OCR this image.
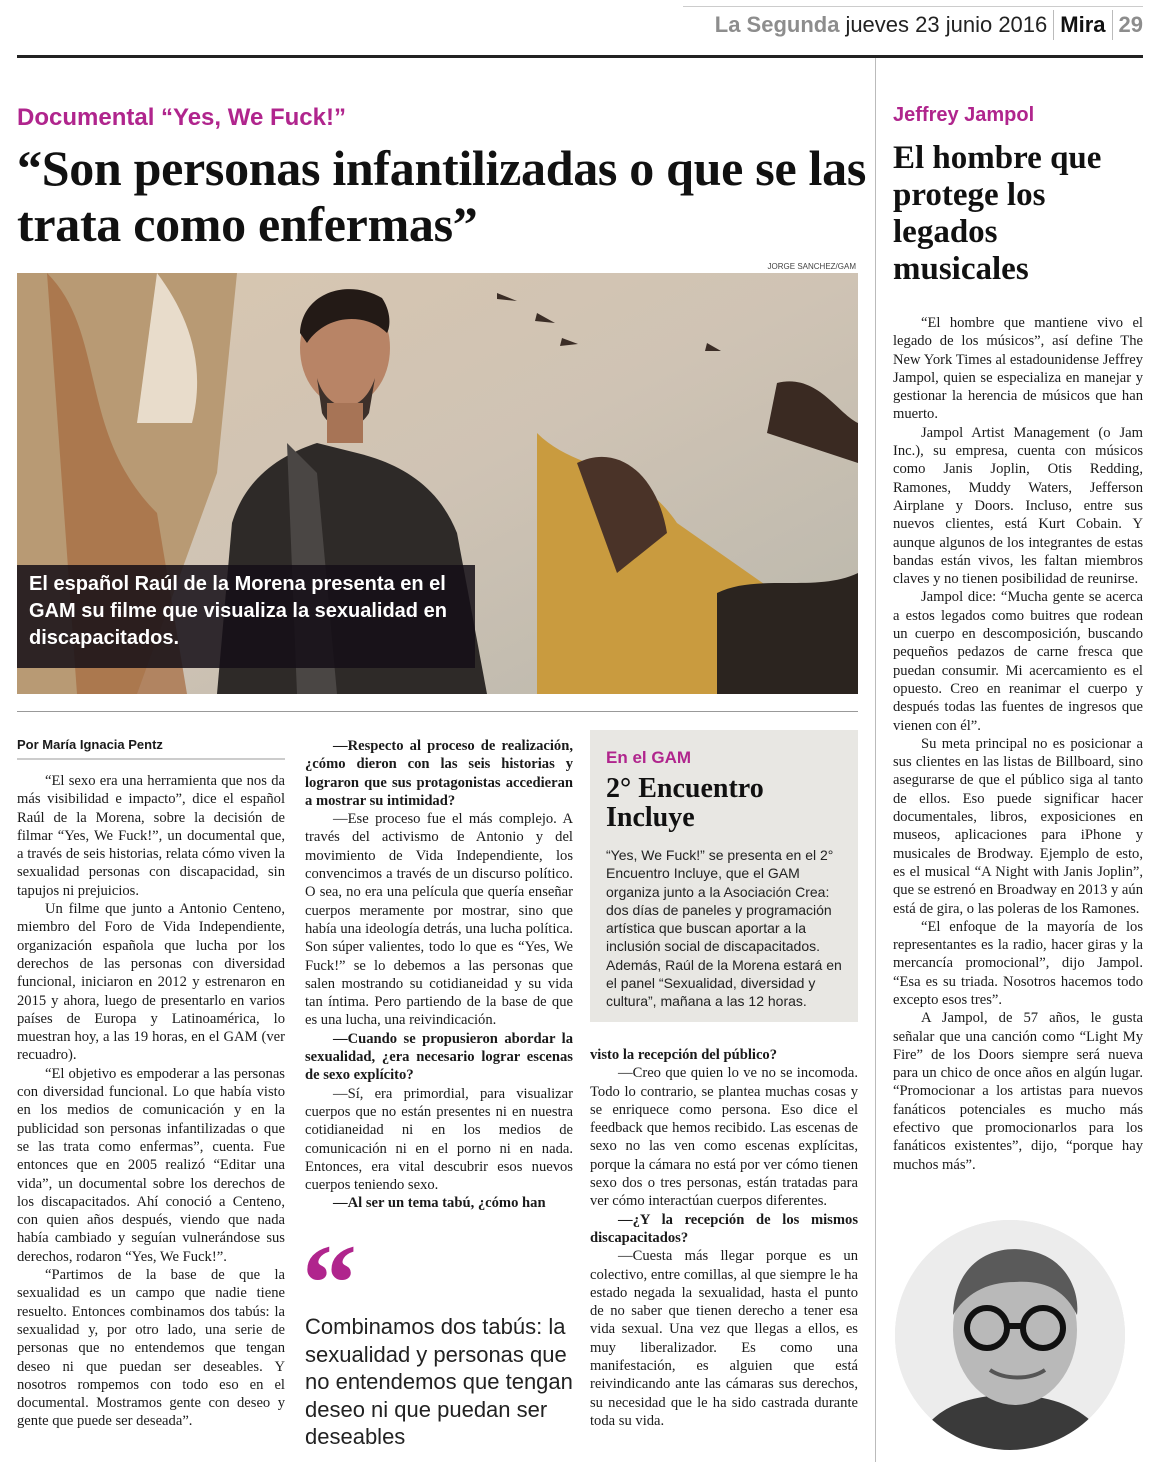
La Segunda jueves 23 junio 2016 Mira 29
Documental “Yes, We Fuck!”
“Son personas infantilizadas o que se las trata como enfermas”
JORGE SANCHEZ/GAM
El español Raúl de la Morena presenta en el GAM su filme que visualiza la sexualidad en discapacitados.
Por María Ignacia Pentz

“El sexo era una herramienta que nos da más visibilidad e impacto”, dice el español Raúl de la Morena, sobre la decisión de filmar “Yes, We Fuck!”, un documental que, a través de seis historias, relata cómo viven la sexualidad personas con discapacidad, sin tapujos ni prejuicios.

Un filme que junto a Antonio Centeno, miembro del Foro de Vida Independiente, organización española que lucha por los derechos de las personas con diversidad funcional, iniciaron en 2012 y estrenaron en 2015 y ahora, luego de presentarlo en varios países de Europa y Latinoamérica, lo muestran hoy, a las 19 horas, en el GAM (ver recuadro).

“El objetivo es empoderar a las personas con diversidad funcional. Lo que había visto en los medios de comunicación y en la publicidad son personas infantilizadas o que se las trata como enfermas”, cuenta. Fue entonces que en 2005 realizó “Editar una vida”, un documental sobre los derechos de los discapacitados. Ahí conoció a Centeno, con quien años después, viendo que nada había cambiado y seguían vulnerándose sus derechos, rodaron “Yes, We Fuck!”.

“Partimos de la base de que la sexualidad es un campo que nadie tiene resuelto. Entonces combinamos dos tabús: la sexualidad y, por otro lado, una serie de personas que no entendemos que tengan deseo ni que puedan ser deseables. Y nosotros rompemos con todo eso en el documental. Mostramos gente con deseo y gente que puede ser deseada”.

—Respecto al proceso de realización, ¿cómo dieron con las seis historias y lograron que sus protagonistas accedieran a mostrar su intimidad?

—Ese proceso fue el más complejo. A través del activismo de Antonio y del movimiento de Vida Independiente, los convencimos a través de un discurso político. O sea, no era una película que quería enseñar cuerpos meramente por mostrar, sino que había una ideología detrás, una lucha política. Son súper valientes, todo lo que es “Yes, We Fuck!” se lo debemos a las personas que salen mostrando su cotidianeidad y su vida tan íntima. Pero partiendo de la base de que es una lucha, una reivindicación.

—Cuando se propusieron abordar la sexualidad, ¿era necesario lograr escenas de sexo explícito?

—Sí, era primordial, para visualizar cuerpos que no están presentes ni en nuestra cotidianeidad ni en los medios de comunicación ni en el porno ni en nada. Entonces, era vital descubrir esos nuevos cuerpos teniendo sexo.

—Al ser un tema tabú, ¿cómo han

visto la recepción del público?

—Creo que quien lo ve no se incomoda. Todo lo contrario, se plantea muchas cosas y se enriquece como persona. Eso dice el feedback que hemos recibido. Las escenas de sexo no las ven como escenas explícitas, porque la cámara no está por ver cómo tienen sexo dos o tres personas, están tratadas para ver cómo interactúan cuerpos diferentes.

—¿Y la recepción de los mismos discapacitados?

—Cuesta más llegar porque es un colectivo, entre comillas, al que siempre le ha estado negada la sexualidad, hasta el punto de no saber que tienen derecho a tener esa vida sexual. Una vez que llegas a ellos, es muy liberalizador. Es como una manifestación, es alguien que está reivindicando ante las cámaras sus derechos, su necesidad que le ha sido castrada durante toda su vida.

En el GAM
2° Encuentro Incluye
“Yes, We Fuck!” se presenta en el 2° Encuentro Incluye, que el GAM organiza junto a la Asociación Crea: dos días de paneles y programación artística que buscan aportar a la inclusión social de discapacitados. Además, Raúl de la Morena estará en el panel “Sexualidad, diversidad y cultura”, mañana a las 12 horas.
“
Combinamos dos tabús: la sexualidad y personas que no entendemos que tengan deseo ni que puedan ser deseables
Jeffrey Jampol
El hombre que protege los legados musicales

“El hombre que mantiene vivo el legado de los músicos”, así define The New York Times al estadounidense Jeffrey Jampol, quien se especializa en manejar y gestionar la herencia de músicos que han muerto.

Jampol Artist Management (o Jam Inc.), su empresa, cuenta con músicos como Janis Joplin, Otis Redding, Ramones, Muddy Waters, Jefferson Airplane y Doors. Incluso, entre sus nuevos clientes, está Kurt Cobain. Y aunque algunos de los integrantes de estas bandas están vivos, les faltan miembros claves y no tienen posibilidad de reunirse.

Jampol dice: “Mucha gente se acerca a estos legados como buitres que rodean un cuerpo en descomposición, buscando pequeños pedazos de carne fresca que puedan consumir. Mi acercamiento es el opuesto. Creo en reanimar el cuerpo y después todas las fuentes de ingresos que vienen con él”.

Su meta principal no es posicionar a sus clientes en las listas de Billboard, sino asegurarse de que el público siga al tanto de ellos. Eso puede significar hacer documentales, libros, exposiciones en museos, aplicaciones para iPhone y musicales de Brodway. Ejemplo de esto, es el musical “A Night with Janis Joplin”, que se estrenó en Broadway en 2013 y aún está de gira, o las poleras de los Ramones.

“El enfoque de la mayoría de los representantes es la radio, hacer giras y la mercancía promocional”, dijo Jampol. “Esa es su triada. Nosotros hacemos todo excepto esos tres”.

A Jampol, de 57 años, le gusta señalar que una canción como “Light My Fire” de los Doors siempre será nueva para un chico de once años en algún lugar. “Promocionar a los artistas para nuevos fanáticos potenciales es mucho más efectivo que promocionarlos para los fanáticos existentes”, dijo, “porque hay muchos más”.
